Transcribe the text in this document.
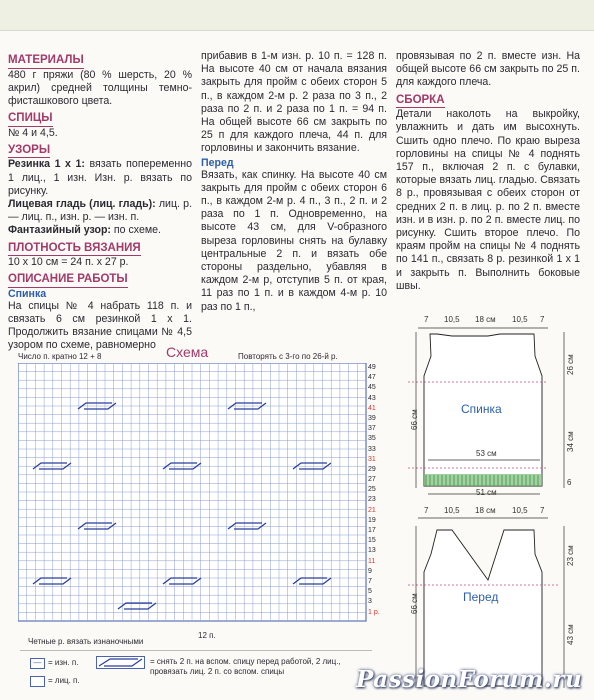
МАТЕРИАЛЫ
480 г пряжи (80 % шерсть, 20 % акрил) средней толщины темно-фисташкового цвета.
СПИЦЫ
№ 4 и 4,5.
УЗОРЫ
Резинка 1 х 1: вязать попеременно 1 лиц., 1 изн. Изн. р. вязать по рисунку.
Лицевая гладь (лиц. гладь): лиц. р. — лиц. п., изн. р. — изн. п.
Фантазийный узор: по схеме.
ПЛОТНОСТЬ ВЯЗАНИЯ
10 х 10 см = 24 п. х 27 р.
ОПИСАНИЕ РАБОТЫ
Спинка
На спицы № 4 набрать 118 п. и связать 6 см резинкой 1 х 1. Продолжить вязание спицами № 4,5 узором по схеме, равномерно
прибавив в 1-м изн. р. 10 п. = 128 п. На высоте 40 см от начала вязания закрыть для пройм с обеих сторон 5 п., в каждом 2-м р. 2 раза по 3 п., 2 раза по 2 п. и 2 раза по 1 п. = 94 п. На общей высоте 66 см закрыть по 25 п для каждого плеча, 44 п. для горловины и закончить вязание.
Перед
Вязать, как спинку. На высоте 40 см закрыть для пройм с обеих сторон 6 п., в каждом 2-м р. 4 п., 3 п., 2 п. и 2 раза по 1 п. Одновременно, на высоте 43 см, для V-образного выреза горловины снять на булавку центральные 2 п. и вязать обе стороны раздельно, убавляя в каждом 2-м р, отступив 5 п. от края, 11 раз по 1 п. и в каждом 4-м р. 10 раз по 1 п.,
провязывая по 2 п. вместе изн. На общей высоте 66 см закрыть по 25 п. для каждого плеча.
СБОРКА
Детали наколоть на выкройку, увлажнить и дать им высохнуть. Сшить одно плечо. По краю выреза горловины на спицы № 4 поднять 157 п., включая 2 п. с булавки, которые вязать лиц. гладью. Связать 8 р., провязывая с обеих сторон от средних 2 п. в лиц. р. по 2 п. вместе изн. и в изн. р. по 2 п. вместе лиц. по рисунку. Сшить второе плечо. По краям пройм на спицы № 4 поднять по 141 п., связать 8 р. резинкой 1 х 1 и закрыть п. Выполнить боковые швы.
Число п. кратно 12 + 8	Схема	Повторять с 3-го по 26-й р.
49
47
45
43
41
39
37
35
33
31
29
27
25
23
21
19
17
15
13
11
9
7
5
3
1 р.
12 п.
Четные р. вязать изнаночными
— = изн. п.
= лиц. п.
= снять 2 п. на вспом. спицу перед работой, 2 лиц., провязать лиц. 2 п. со вспом. спицы
7 10,5 18 см 10,5 7
Спинка
53 см
51 см
66 см
26 см
34 см
6
7 10,5 18 см 10,5 7
Перед
66 см
23 см
43 см
PassionForum.ru
